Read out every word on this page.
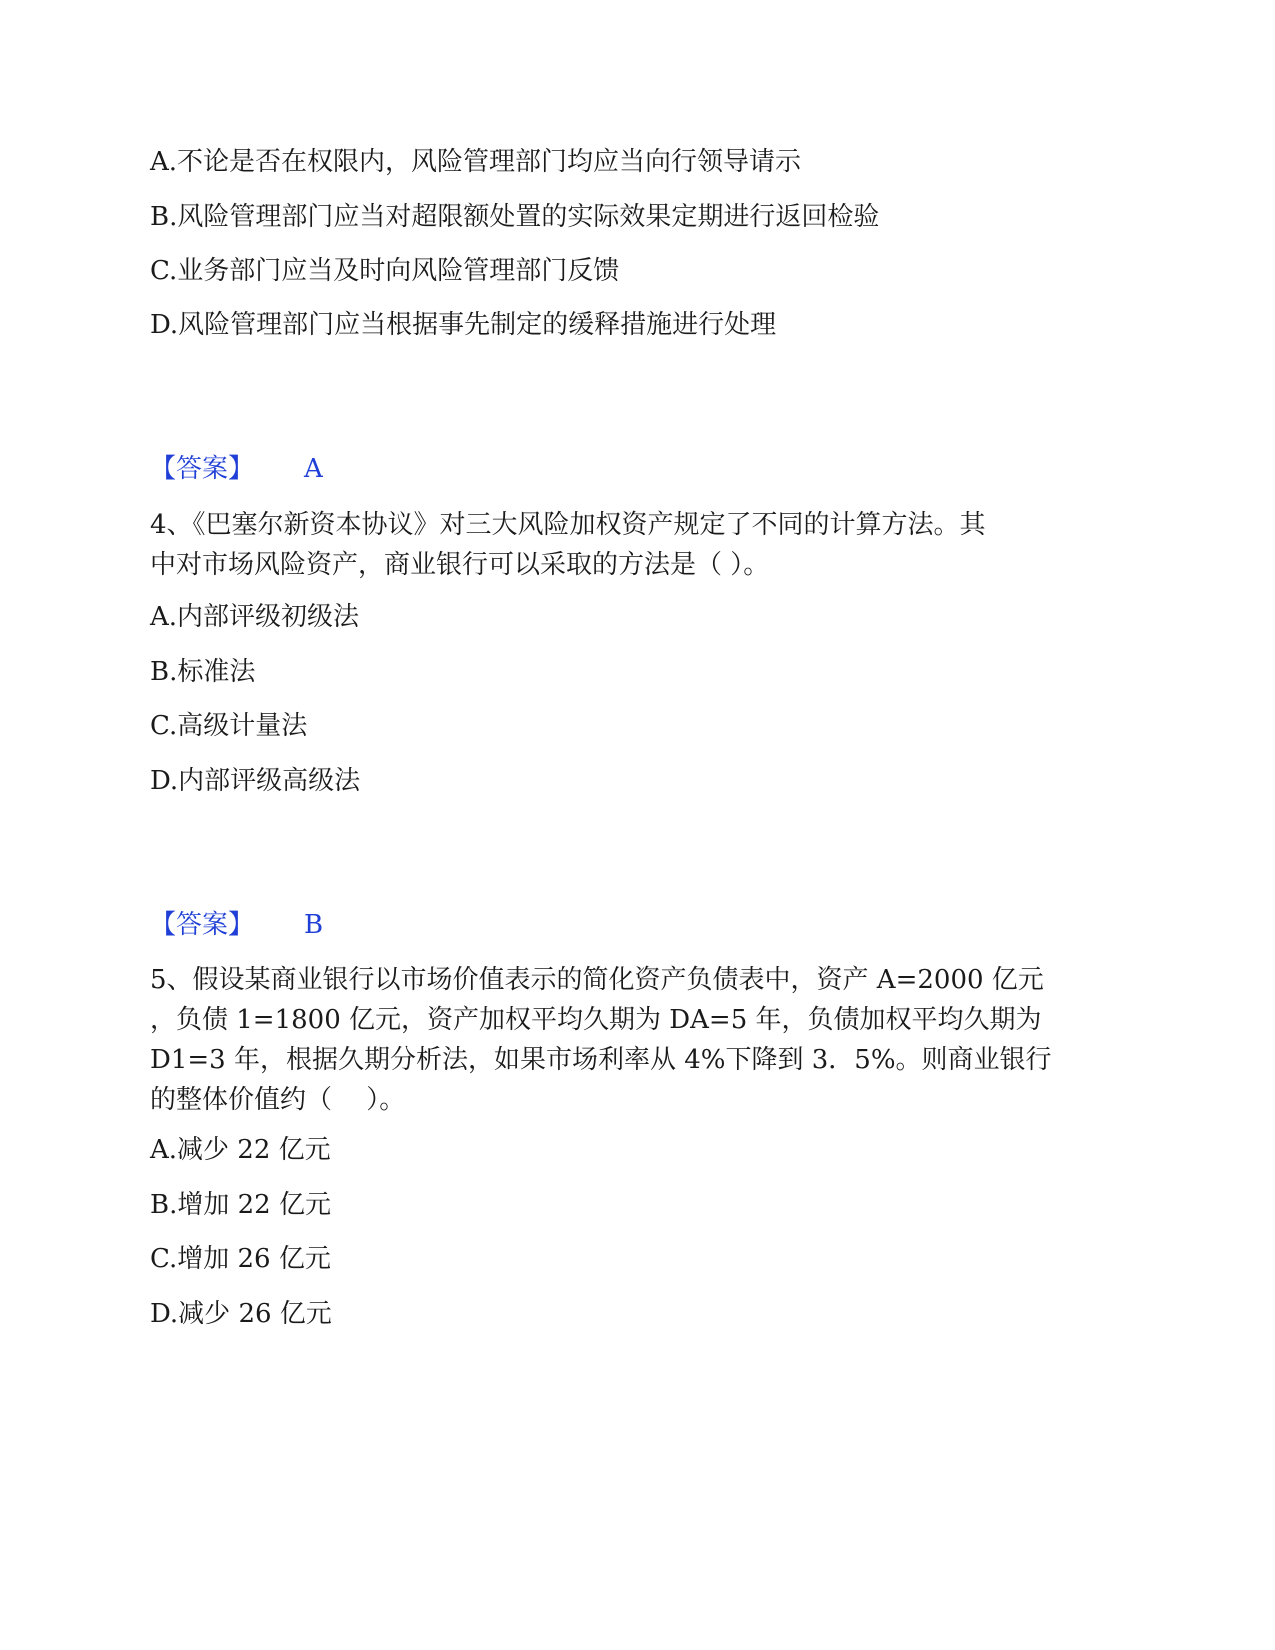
A.不论是否在权限内，风险管理部门均应当向行领导请示
B.风险管理部门应当对超限额处置的实际效果定期进行返回检验
C.业务部门应当及时向风险管理部门反馈
D.风险管理部门应当根据事先制定的缓释措施进行处理
【答案】 A
4、《巴塞尔新资本协议》对三大风险加权资产规定了不同的计算方法。其
中对市场风险资产，商业银行可以采取的方法是（ ）。
A.内部评级初级法
B.标准法
C.高级计量法
D.内部评级高级法
【答案】 B
5、假设某商业银行以市场价值表示的简化资产负债表中，资产 A=2000 亿元
，负债 1=1800 亿元，资产加权平均久期为 DA=5 年，负债加权平均久期为
D1=3 年，根据久期分析法，如果市场利率从 4%下降到 3．5%。则商业银行
的整体价值约（　 ）。
A.减少 22 亿元
B.增加 22 亿元
C.增加 26 亿元
D.减少 26 亿元
